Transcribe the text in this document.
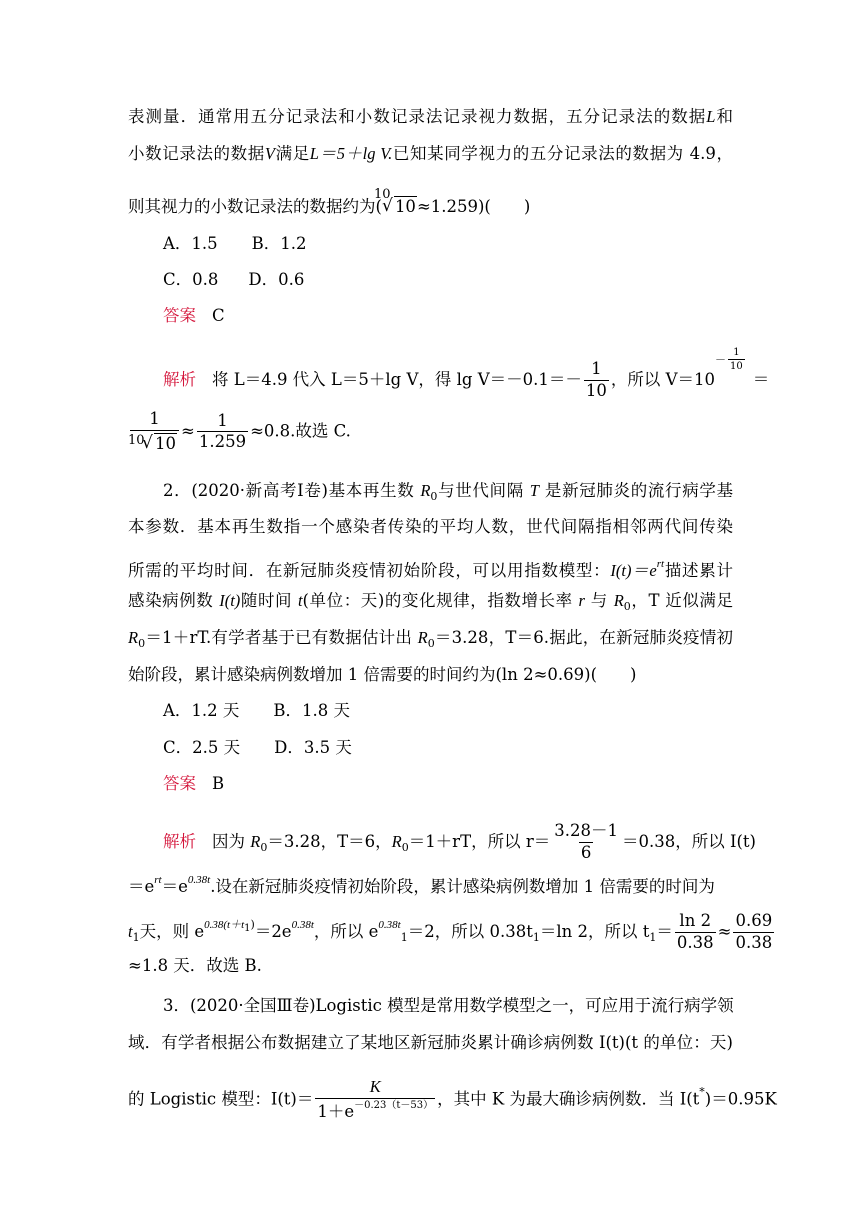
表测量．通常用五分记录法和小数记录法记录视力数据，五分记录法的数据L和
小数记录法的数据V满足L＝5＋lg V.已知某同学视力的五分记录法的数据为 4.9，
则其视力的小数记录法的数据约为(
10
√ 10≈1.259)(　　)
A．1.5 B．1.2
C．0.8 D．0.6
答案 C
解析 将 L＝4.9 代入 L＝5＋lg V，得 $\lg V=-0.1=- \frac{1}{10}$ ，所以 $V=10- \frac{1}{10}$
＝
1
10
√ $10 \approx \frac{1}{1.259} \approx 0.8$.故选 C.
2．(2020·新高考Ⅰ卷)基本再生数 $R_0$与世代间隔 T 是新冠肺炎的流行病学基
本参数．基本再生数指一个感染者传染的平均人数，世代间隔指相邻两代间传染
所需的平均时间．在新冠肺炎疫情初始阶段，可以用指数模型：$I(t)=e^{rt}$描述累计
感染病例数 I(t)随时间 t(单位：天)的变化规律，指数增长率 r 与 $R_0$，T 近似满足
$R_0=1+rT$.有学者基于已有数据估计出 $R_0=3.28$，T＝6.据此，在新冠肺炎疫情初
始阶段，累计感染病例数增加 1 倍需要的时间约为(ln 2≈0.69)(　　)
A．1.2 天 B．1.8 天
C．2.5 天 D．3.5 天
答案 B
解析 因为 $R_0=3.28$，T＝6，$R_0=1+rT$，所以 $r= \frac{3.28-1}{6} =0.38$，所以 I(t)
$=e^{rt}=e^{0.38t}$.设在新冠肺炎疫情初始阶段，累计感染病例数增加 1 倍需要的时间为
$t_1$天，则 $e^{0.38(t+t1)}=2e^{0.38t}$，所以 $e^{0.38t}_1=2$，所以 $0.38t_1=\ln$ 2，所以 $t_1= \frac{\ln 2}{0.38} \approx \frac{0.69}{0.38}$
≈1.8 天．故选 B.
3．(2020·全国Ⅲ卷)Logistic 模型是常用数学模型之一，可应用于流行病学领
域．有学者根据公布数据建立了某地区新冠肺炎累计确诊病例数 I(t)(t 的单位：天)
的 Logistic 模型：$I(t)= \frac{K}{1+e^{-0.23(t-53)}}$ ，其中 K 为最大确诊病例数．当 I(t*)＝0.95K
